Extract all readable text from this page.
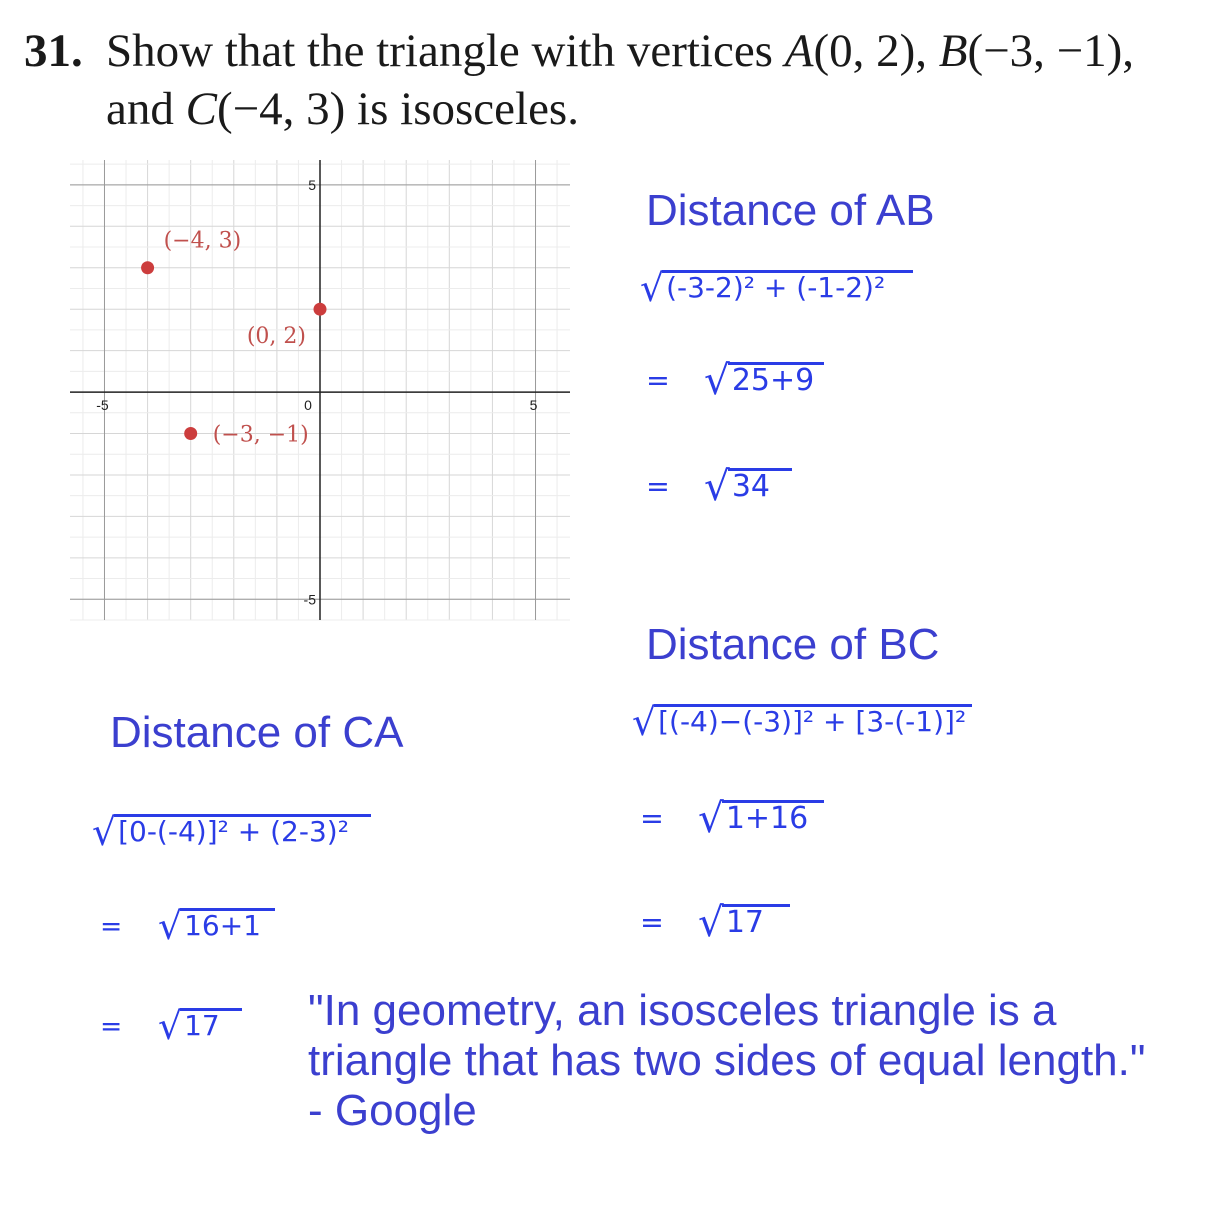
31. Show that the triangle with vertices A(0, 2), B(−3, −1),
and C(−4, 3) is isosceles.
-5	0	5
5
-5
(−4, 3)
(0, 2)
(−3, −1)
Distance of AB
√(-3-2)² + (-1-2)²
= √25+9
= √34
Distance of BC
√[(-4)−(-3)]² + [3-(-1)]²
= √1+16
= √17
Distance of CA
√[0-(-4)]² + (2-3)²
= √16+1
= √17	"In geometry, an isosceles triangle is a
triangle that has two sides of equal length."
- Google
